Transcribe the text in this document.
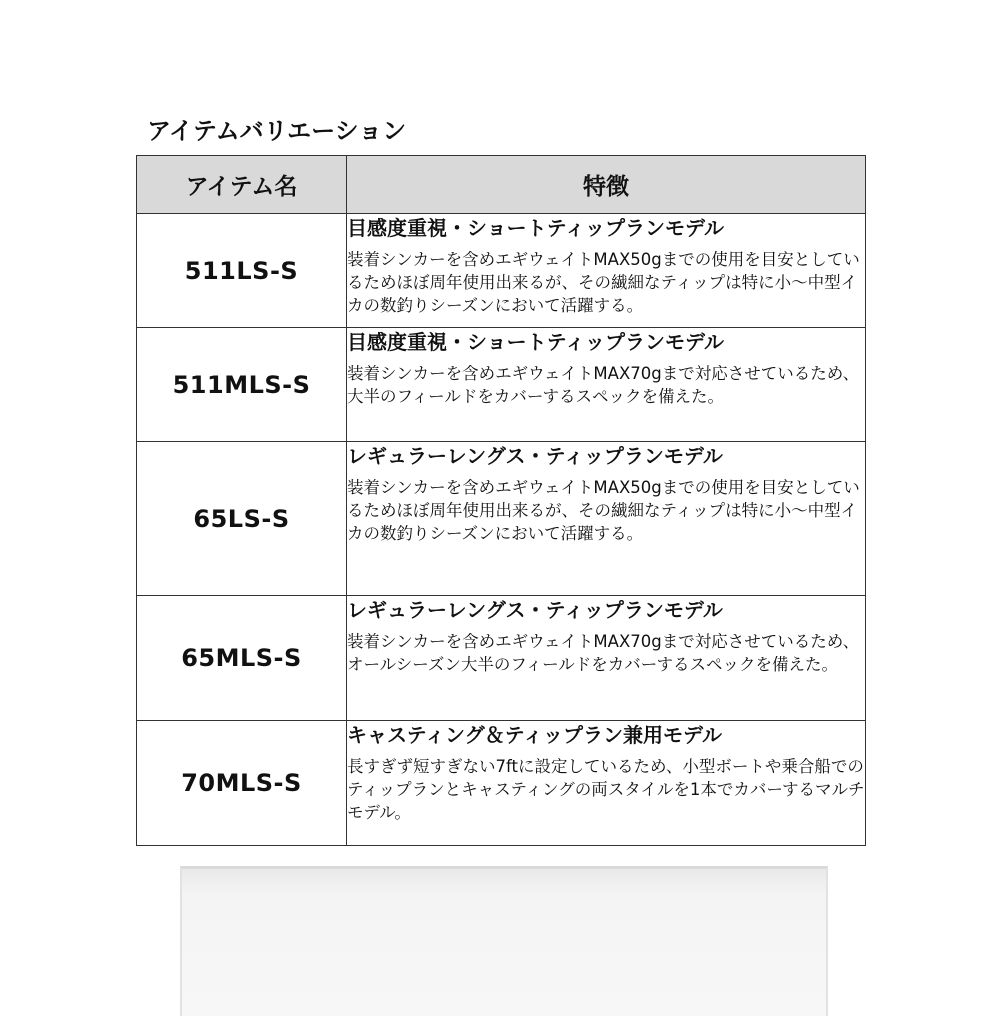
アイテムバリエーション
アイテム名	特徴
511LS-S	目感度重視・ショートティップランモデル

装着シンカーを含めエギウェイトMAX50gまでの使用を目安としているためほぼ周年使用出来るが、その繊細なティップは特に小～中型イカの数釣りシーズンにおいて活躍する。

511MLS-S	目感度重視・ショートティップランモデル

装着シンカーを含めエギウェイトMAX70gまで対応させているため、大半のフィールドをカバーするスペックを備えた。

65LS-S	レギュラーレングス・ティップランモデル

装着シンカーを含めエギウェイトMAX50gまでの使用を目安としているためほぼ周年使用出来るが、その繊細なティップは特に小～中型イカの数釣りシーズンにおいて活躍する。

65MLS-S	レギュラーレングス・ティップランモデル

装着シンカーを含めエギウェイトMAX70gまで対応させているため、オールシーズン大半のフィールドをカバーするスペックを備えた。

70MLS-S	キャスティング＆ティップラン兼用モデル

長すぎず短すぎない7ftに設定しているため、小型ボートや乗合船でのティップランとキャスティングの両スタイルを1本でカバーするマルチモデル。
